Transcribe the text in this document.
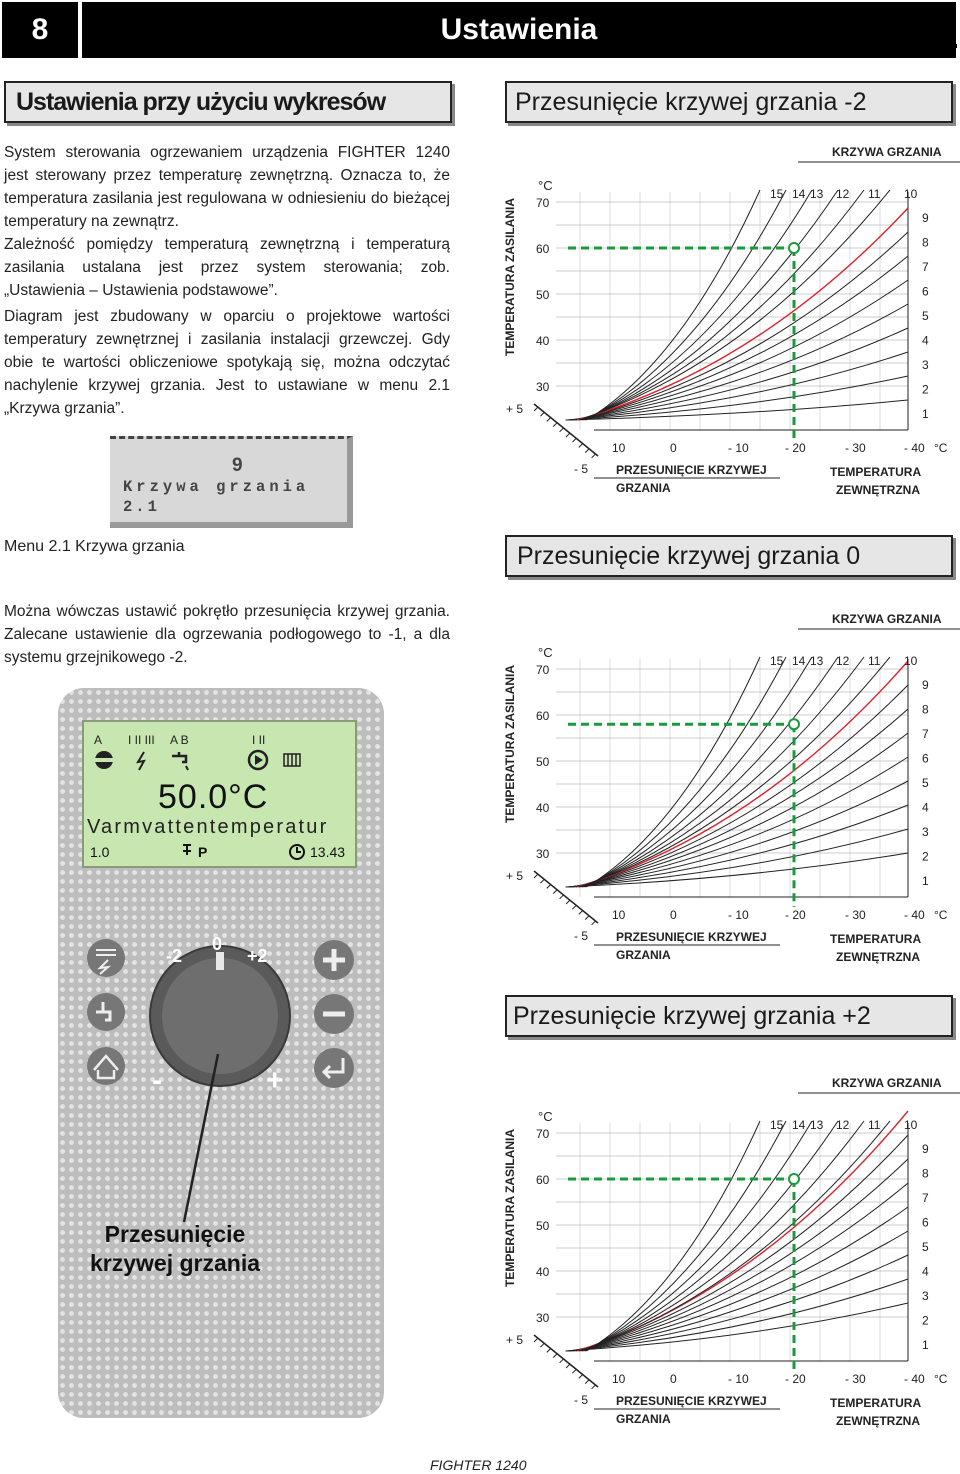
8	Ustawienia
Ustawienia przy użyciu wykresów

System sterowania ogrzewaniem urządzenia FIGHTER 1240 jest sterowany przez temperaturę zewnętrzną. Oznacza to, że temperatura zasilania jest regulowana w odniesieniu do bieżącej temperatury na zewnątrz.

Zależność pomiędzy temperaturą zewnętrzną i temperaturą zasilania ustalana jest przez system sterowania; zob. „Ustawienia – Ustawienia podstawowe”.

Diagram jest zbudowany w oparciu o projektowe wartości temperatury zewnętrznej i zasilania instalacji grzewczej. Gdy obie te wartości obliczeniowe spotykają się, można odczytać nachylenie krzywej grzania. Jest to ustawiane w menu 2.1 „Krzywa grzania”.

9
Krzywa grzania
2.1
Menu 2.1 Krzywa grzania

Można wówczas ustawić pokrętło przesunięcia krzywej grzania. Zalecane ustawienie dla ogrzewania podłogowego to -1, a dla systemu grzejnikowego -2.

A I II III A B	I II
50.0°C
Varmvattentemperatur
1.0	P	13.43
-2
0
+2
-	+
Przesunięcie
krzywej grzania
Przesunięcie krzywej grzania -2
KRZYWA GRZANIA
TEMPERATURA ZASILANIA
°C
70
60
50
40
30
+ 5
- 5
15 14 13 12 11 10
9
8
7
6
5
4
3
2
1
10	0	- 10	- 20	- 30	- 40 °C
PRZESUNIĘCIE KRZYWEJ
GRZANIA
TEMPERATURA
ZEWNĘTRZNA
Przesunięcie krzywej grzania 0
KRZYWA GRZANIA
TEMPERATURA ZASILANIA
°C
70
60
50
40
30
+ 5
- 5
15 14 13 12 11 10
9
8
7
6
5
4
3
2
1
10	0	- 10	- 20	- 30	- 40 °C
PRZESUNIĘCIE KRZYWEJ
GRZANIA
TEMPERATURA
ZEWNĘTRZNA
Przesunięcie krzywej grzania +2
KRZYWA GRZANIA
TEMPERATURA ZASILANIA
°C
70
60
50
40
30
+ 5
- 5
15 14 13 12 11 10
9
8
7
6
5
4
3
2
1
10	0	- 10	- 20	- 30	- 40 °C
PRZESUNIĘCIE KRZYWEJ
GRZANIA
TEMPERATURA
ZEWNĘTRZNA
FIGHTER 1240
